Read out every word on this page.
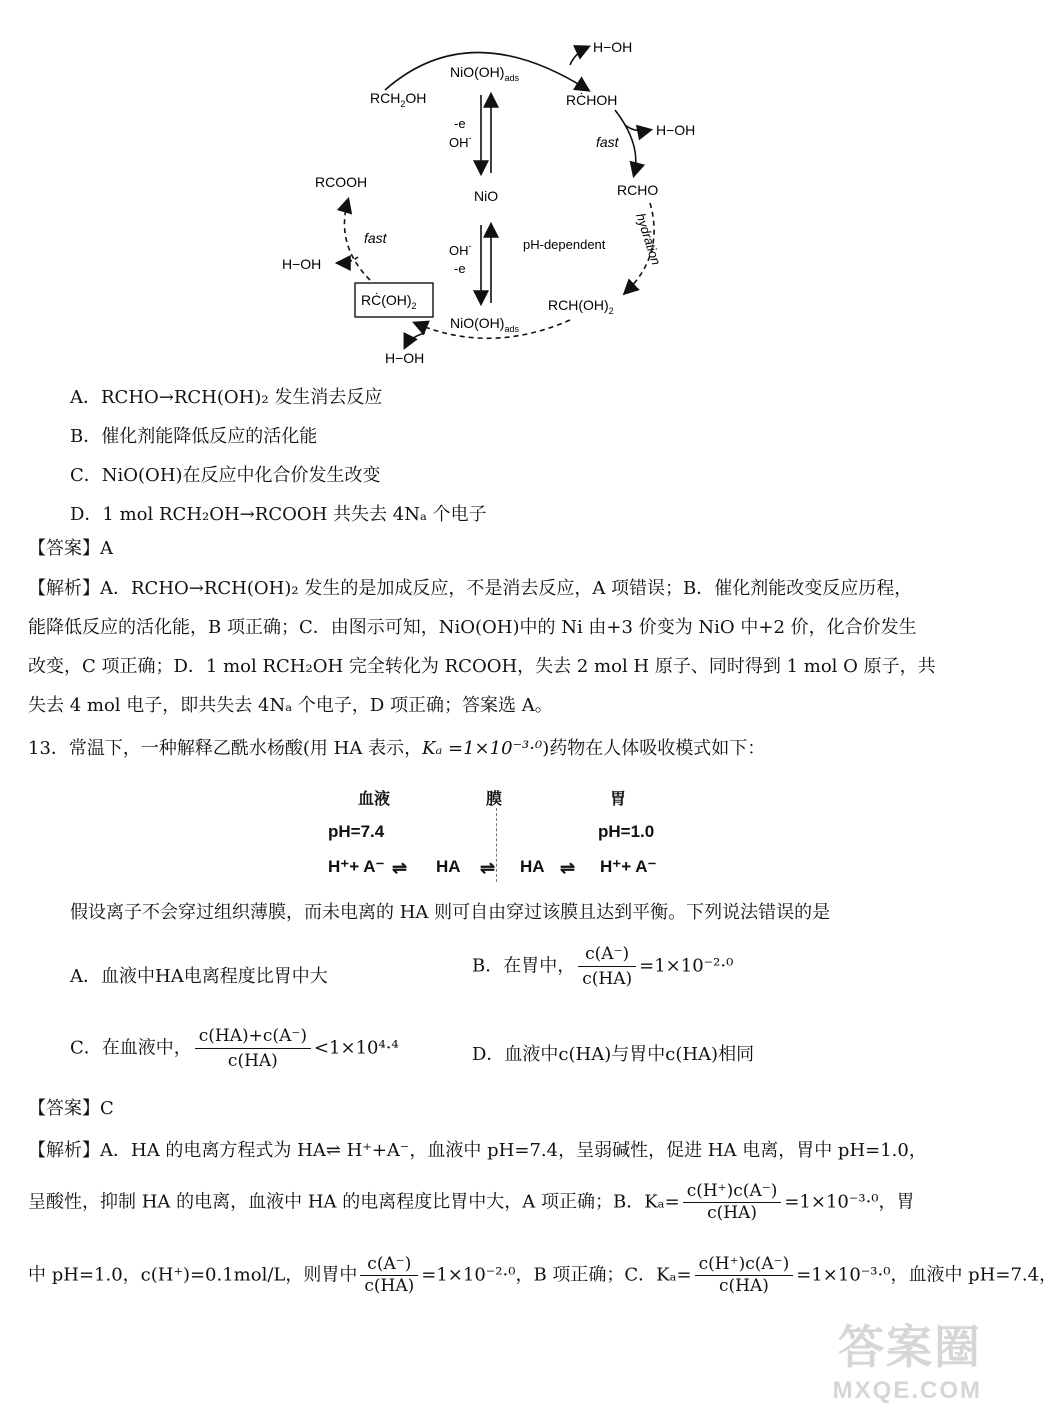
$NiO(OH)_{ads}$
H−OH
$RCH_2OH$	RĊHOH
-e
OH-	fast
H−OH
NiO	RCHO
RCOOH
fast
H−OH
OH-
-e
pH-dependent hydration
$RCH(OH)_2$
$RĊ(OH)_2$
$NiO(OH)_{ads}$
H−OH
A．RCHO→RCH(OH)₂ 发生消去反应
B．催化剂能降低反应的活化能
C．NiO(OH)在反应中化合价发生改变
D．1 mol RCH₂OH→RCOOH 共失去 4Nₐ 个电子
【答案】A
【解析】A．RCHO→RCH(OH)₂ 发生的是加成反应，不是消去反应，A 项错误；B．催化剂能改变反应历程，
能降低反应的活化能，B 项正确；C．由图示可知，NiO(OH)中的 Ni 由+3 价变为 NiO 中+2 价，化合价发生
改变，C 项正确；D．1 mol RCH₂OH 完全转化为 RCOOH，失去 2 mol H 原子、同时得到 1 mol O 原子，共
失去 4 mol 电子，即共失去 4Nₐ 个电子，D 项正确；答案选 A。
13．常温下，一种解释乙酰水杨酸(用 HA 表示，Kₐ =1×10⁻³·⁰)药物在人体吸收模式如下：
血液	膜	胃
pH=7.4	pH=1.0
H⁺+ A⁻ ⇌ HA ⇌ HA ⇌ H⁺+ A⁻
假设离子不会穿过组织薄膜，而未电离的 HA 则可自由穿过该膜且达到平衡。下列说法错误的是
A．血液中HA电离程度比胃中大	B．在胃中， $\frac{c(A^-)}{c(HA)} =1\times 10^{-2}\cdot^0$
C．在血液中， $\frac{c(HA)+c(A^-)}{c(HA)} <1\times 10^4\cdot^4$	D．血液中c(HA)与胃中c(HA)相同
【答案】C
【解析】A．HA 的电离方程式为 HA⇌ H⁺+A⁻，血液中 pH=7.4，呈弱碱性，促进 HA 电离，胃中 pH=1.0，
呈酸性，抑制 HA 的电离，血液中 HA 的电离程度比胃中大，A 项正确；B．$K_a= \frac{c(H^+)c(A^-)}{c(HA)} =1\times 10^{-3}\cdot^0$，胃
中 pH=1.0，c(H⁺)=0.1mol/L，则胃中 $\frac{c(A^-)}{c(HA)} =1\times 10^{-2}\cdot^0$，B 项正确；C．$K_a= \frac{c(H^+)c(A^-)}{c(HA)} =1\times 10^{-3}\cdot^0$，血液中 pH=7.4，
答案圈
MXQE.COM
